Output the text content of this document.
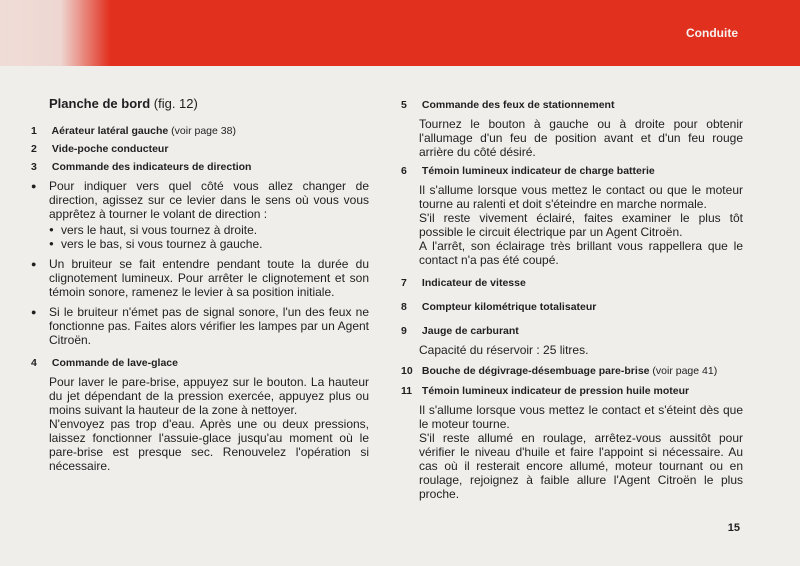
Conduite
Planche de bord (fig. 12)
1 Aérateur latéral gauche (voir page 38)
2 Vide-poche conducteur
3 Commande des indicateurs de direction
● Pour indiquer vers quel côté vous allez changer de direction, agissez sur ce levier dans le sens où vous vous apprêtez à tourner le volant de direction :
● vers le haut, si vous tournez à droite.
● vers le bas, si vous tournez à gauche.
● Un bruiteur se fait entendre pendant toute la durée du clignotement lumineux. Pour arrêter le clignotement et son témoin sonore, ramenez le levier à sa position initiale.
● Si le bruiteur n'émet pas de signal sonore, l'un des feux ne fonctionne pas. Faites alors vérifier les lampes par un Agent Citroën.
4 Commande de lave-glace
Pour laver le pare-brise, appuyez sur le bouton. La hauteur du jet dépendant de la pression exercée, appuyez plus ou moins suivant la hauteur de la zone à nettoyer.
N'envoyez pas trop d'eau. Après une ou deux pressions, laissez fonctionner l'assuie-glace jusqu'au moment où le pare-brise est presque sec. Renouvelez l'opération si nécessaire.
5 Commande des feux de stationnement
Tournez le bouton à gauche ou à droite pour obtenir l'allumage d'un feu de position avant et d'un feu rouge arrière du côté désiré.
6 Témoin lumineux indicateur de charge batterie
Il s'allume lorsque vous mettez le contact ou que le moteur tourne au ralenti et doit s'éteindre en marche normale.
S'il reste vivement éclairé, faites examiner le plus tôt possible le circuit électrique par un Agent Citroën.
A l'arrêt, son éclairage très brillant vous rappellera que le contact n'a pas été coupé.
7 Indicateur de vitesse
8 Compteur kilométrique totalisateur
9 Jauge de carburant
Capacité du réservoir : 25 litres.
10 Bouche de dégivrage-désembuage pare-brise (voir page 41)
11 Témoin lumineux indicateur de pression huile moteur
Il s'allume lorsque vous mettez le contact et s'éteint dès que le moteur tourne.
S'il reste allumé en roulage, arrêtez-vous aussitôt pour vérifier le niveau d'huile et faire l'appoint si nécessaire. Au cas où il resterait encore allumé, moteur tournant ou en roulage, rejoignez à faible allure l'Agent Citroën le plus proche.
15
